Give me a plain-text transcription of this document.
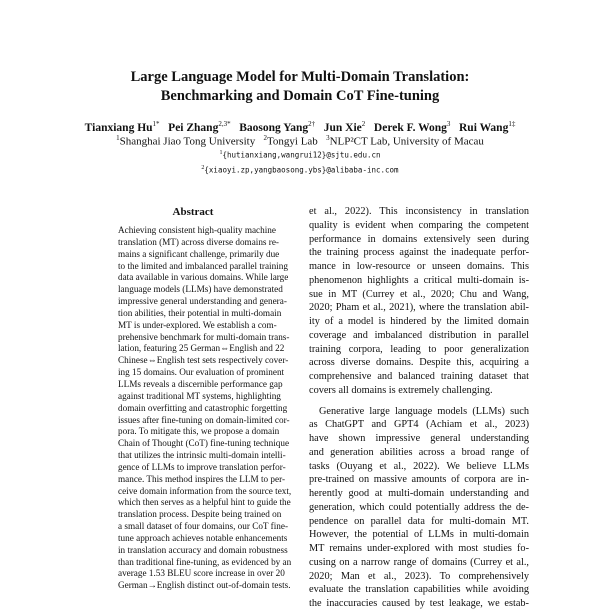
Large Language Model for Multi-Domain Translation:
Benchmarking and Domain CoT Fine-tuning
Tianxiang $Hu^{1*}$ Pei Zhang$^{2,3*}$ Baosong Yang$^{2\dagger}$ Jun Xie$^2$ Derek F. Wong$^3$ Rui Wang$^{1\ddagger}$
$^1$Shanghai Jiao Tong University $^2$Tongyi Lab $^3$NLP²CT Lab, University of Macau
$^1${hutianxiang,wangrui12}@sjtu.edu.cn
$^2${xiaoyi.zp,yangbaosong.ybs}@alibaba-inc.com
Abstract
Achieving consistent high-quality machine
translation (MT) across diverse domains re-
mains a significant challenge, primarily due
to the limited and imbalanced parallel training
data available in various domains. While large
language models (LLMs) have demonstrated
impressive general understanding and genera-
tion abilities, their potential in multi-domain
MT is under-explored. We establish a com-
prehensive benchmark for multi-domain trans-
lation, featuring 25 German⇔English and 22
Chinese⇔English test sets respectively cover-
ing 15 domains. Our evaluation of prominent
LLMs reveals a discernible performance gap
against traditional MT systems, highlighting
domain overfitting and catastrophic forgetting
issues after fine-tuning on domain-limited cor-
pora. To mitigate this, we propose a domain
Chain of Thought (CoT) fine-tuning technique
that utilizes the intrinsic multi-domain intelli-
gence of LLMs to improve translation perfor-
mance. This method inspires the LLM to per-
ceive domain information from the source text,
which then serves as a helpful hint to guide the
translation process. Despite being trained on
a small dataset of four domains, our CoT fine-
tune approach achieves notable enhancements
in translation accuracy and domain robustness
than traditional fine-tuning, as evidenced by an
average 1.53 BLEU score increase in over 20
German→English distinct out-of-domain tests.
et al., 2022). This inconsistency in translation
quality is evident when comparing the competent
performance in domains extensively seen during
the training process against the inadequate perfor-
mance in low-resource or unseen domains. This
phenomenon highlights a critical multi-domain is-
sue in MT (Currey et al., 2020; Chu and Wang,
2020; Pham et al., 2021), where the translation abil-
ity of a model is hindered by the limited domain
coverage and imbalanced distribution in parallel
training corpora, leading to poor generalization
across diverse domains. Despite this, acquiring a
comprehensive and balanced training dataset that
covers all domains is extremely challenging.
Generative large language models (LLMs) such
as ChatGPT and GPT4 (Achiam et al., 2023)
have shown impressive general understanding
and generation abilities across a broad range of
tasks (Ouyang et al., 2022). We believe LLMs
pre-trained on massive amounts of corpora are in-
herently good at multi-domain understanding and
generation, which could potentially address the de-
pendence on parallel data for multi-domain MT.
However, the potential of LLMs in multi-domain
MT remains under-explored with most studies fo-
cusing on a narrow range of domains (Currey et al.,
2020; Man et al., 2023). To comprehensively
evaluate the translation capabilities while avoiding
the inaccuracies caused by test leakage, we estab-
